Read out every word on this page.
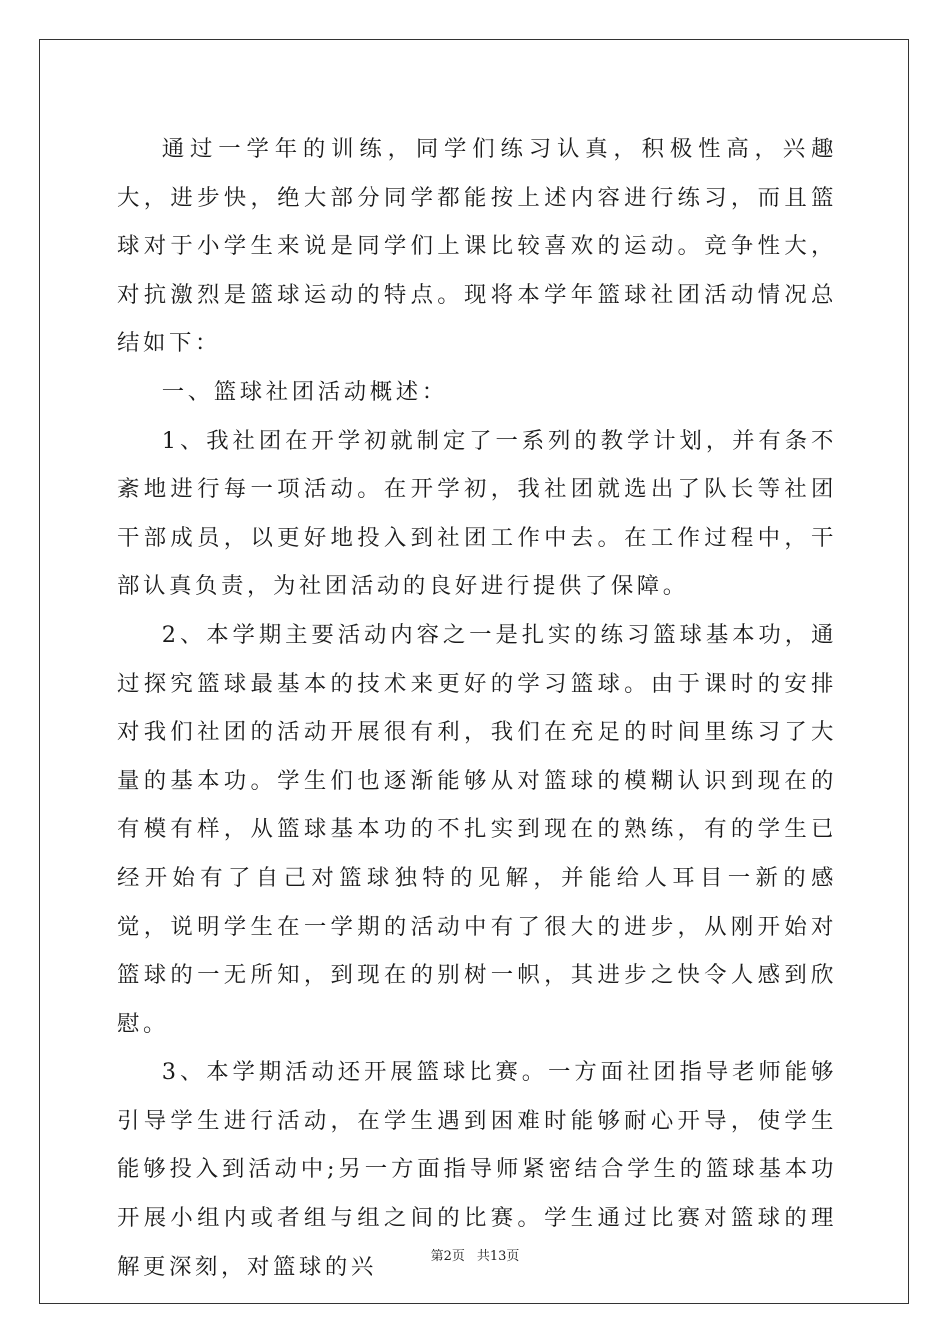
通过一学年的训练，同学们练习认真，积极性高，兴趣大，进步快，绝大部分同学都能按上述内容进行练习，而且篮球对于小学生来说是同学们上课比较喜欢的运动。竞争性大，对抗激烈是篮球运动的特点。现将本学年篮球社团活动情况总结如下：

一、篮球社团活动概述：

1、我社团在开学初就制定了一系列的教学计划，并有条不紊地进行每一项活动。在开学初，我社团就选出了队长等社团干部成员，以更好地投入到社团工作中去。在工作过程中，干部认真负责，为社团活动的良好进行提供了保障。

2、本学期主要活动内容之一是扎实的练习篮球基本功，通过探究篮球最基本的技术来更好的学习篮球。由于课时的安排对我们社团的活动开展很有利，我们在充足的时间里练习了大量的基本功。学生们也逐渐能够从对篮球的模糊认识到现在的有模有样，从篮球基本功的不扎实到现在的熟练，有的学生已经开始有了自己对篮球独特的见解，并能给人耳目一新的感觉，说明学生在一学期的活动中有了很大的进步，从刚开始对篮球的一无所知，到现在的别树一帜，其进步之快令人感到欣慰。

3、本学期活动还开展篮球比赛。一方面社团指导老师能够引导学生进行活动，在学生遇到困难时能够耐心开导，使学生能够投入到活动中;另一方面指导师紧密结合学生的篮球基本功开展小组内或者组与组之间的比赛。学生通过比赛对篮球的理解更深刻，对篮球的兴	第2页 共13页
